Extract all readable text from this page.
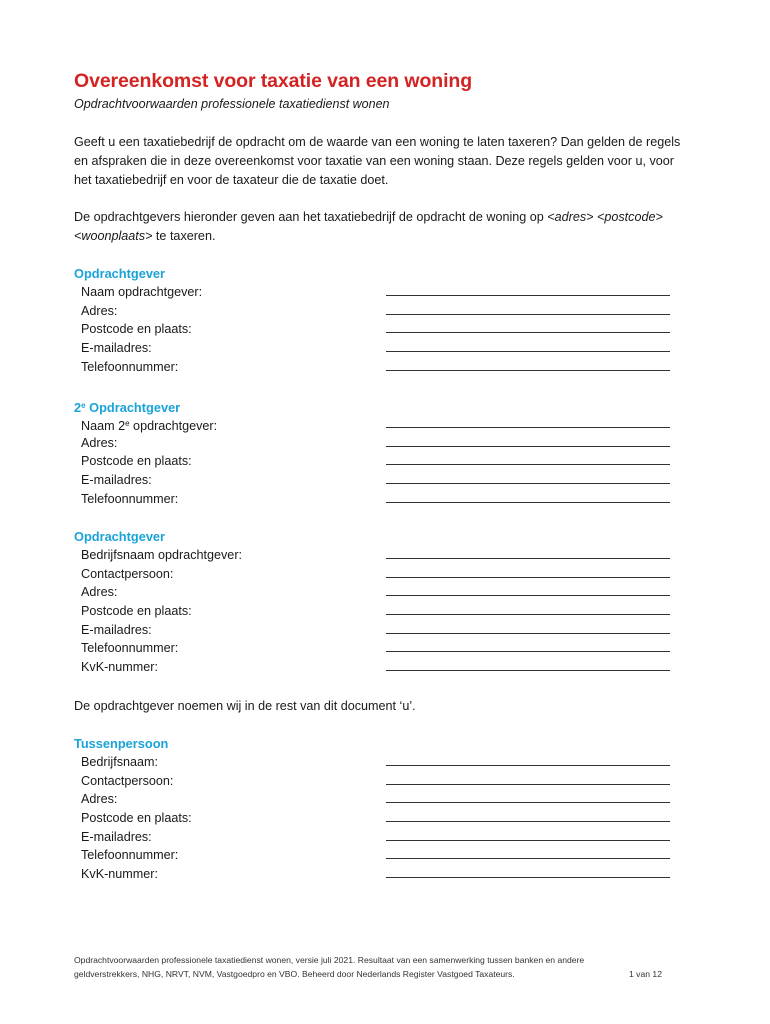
Overeenkomst voor taxatie van een woning
Opdrachtvoorwaarden professionele taxatiedienst wonen
Geeft u een taxatiebedrijf de opdracht om de waarde van een woning te laten taxeren? Dan gelden de regels en afspraken die in deze overeenkomst voor taxatie van een woning staan. Deze regels gelden voor u, voor het taxatiebedrijf en voor de taxateur die de taxatie doet.
De opdrachtgevers hieronder geven aan het taxatiebedrijf de opdracht de woning op <adres> <postcode> <woonplaats> te taxeren.
Opdrachtgever
Naam opdrachtgever:
Adres:
Postcode en plaats:
E-mailadres:
Telefoonnummer:
2e Opdrachtgever
Naam 2e opdrachtgever:
Adres:
Postcode en plaats:
E-mailadres:
Telefoonnummer:
Opdrachtgever
Bedrijfsnaam opdrachtgever:
Contactpersoon:
Adres:
Postcode en plaats:
E-mailadres:
Telefoonnummer:
KvK-nummer:
De opdrachtgever noemen wij in de rest van dit document ‘u’.
Tussenpersoon
Bedrijfsnaam:
Contactpersoon:
Adres:
Postcode en plaats:
E-mailadres:
Telefoonnummer:
KvK-nummer:
Opdrachtvoorwaarden professionele taxatiedienst wonen, versie juli 2021. Resultaat van een samenwerking tussen banken en andere
geldverstrekkers, NHG, NRVT, NVM, Vastgoedpro en VBO. Beheerd door Nederlands Register Vastgoed Taxateurs.	1 van 12
